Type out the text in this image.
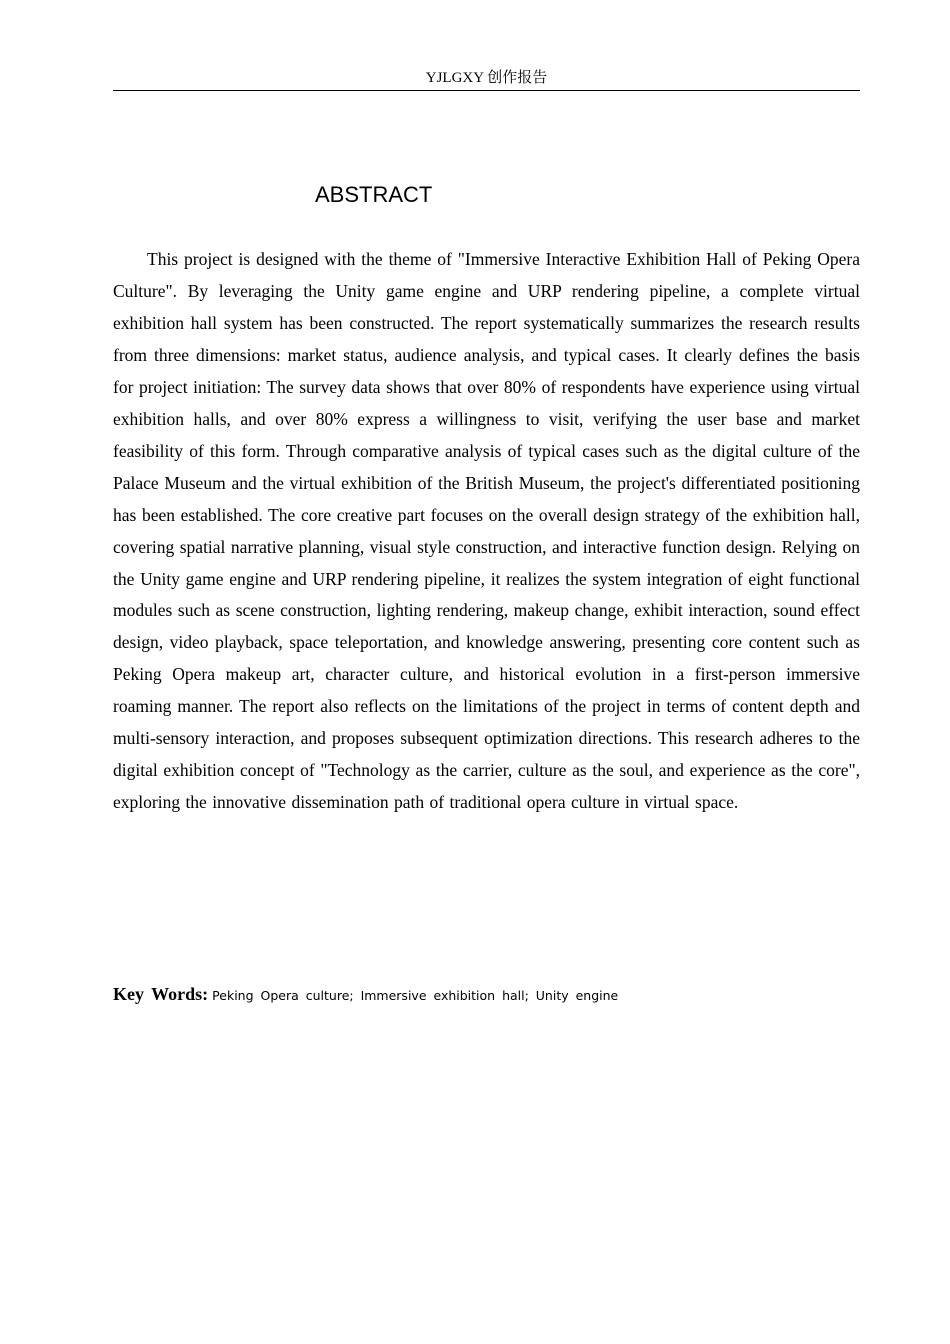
YJLGXY 创作报告
ABSTRACT

This project is designed with the theme of "Immersive Interactive Exhibition Hall of Peking Opera Culture". By leveraging the Unity game engine and URP rendering pipeline, a complete virtual exhibition hall system has been constructed. The report systematically summarizes the research results from three dimensions: market status, audience analysis, and typical cases. It clearly defines the basis for project initiation: The survey data shows that over 80% of respondents have experience using virtual exhibition halls, and over 80% express a willingness to visit, verifying the user base and market feasibility of this form. Through comparative analysis of typical cases such as the digital culture of the Palace Museum and the virtual exhibition of the British Museum, the project's differentiated positioning has been established. The core creative part focuses on the overall design strategy of the exhibition hall, covering spatial narrative planning, visual style construction, and interactive function design. Relying on the Unity game engine and URP rendering pipeline, it realizes the system integration of eight functional modules such as scene construction, lighting rendering, makeup change, exhibit interaction, sound effect design, video playback, space teleportation, and knowledge answering, presenting core content such as Peking Opera makeup art, character culture, and historical evolution in a first-person immersive roaming manner. The report also reflects on the limitations of the project in terms of content depth and multi-sensory interaction, and proposes subsequent optimization directions. This research adheres to the digital exhibition concept of "Technology as the carrier, culture as the soul, and experience as the core", exploring the innovative dissemination path of traditional opera culture in virtual space.

Key Words: Peking Opera culture; Immersive exhibition hall; Unity engine
